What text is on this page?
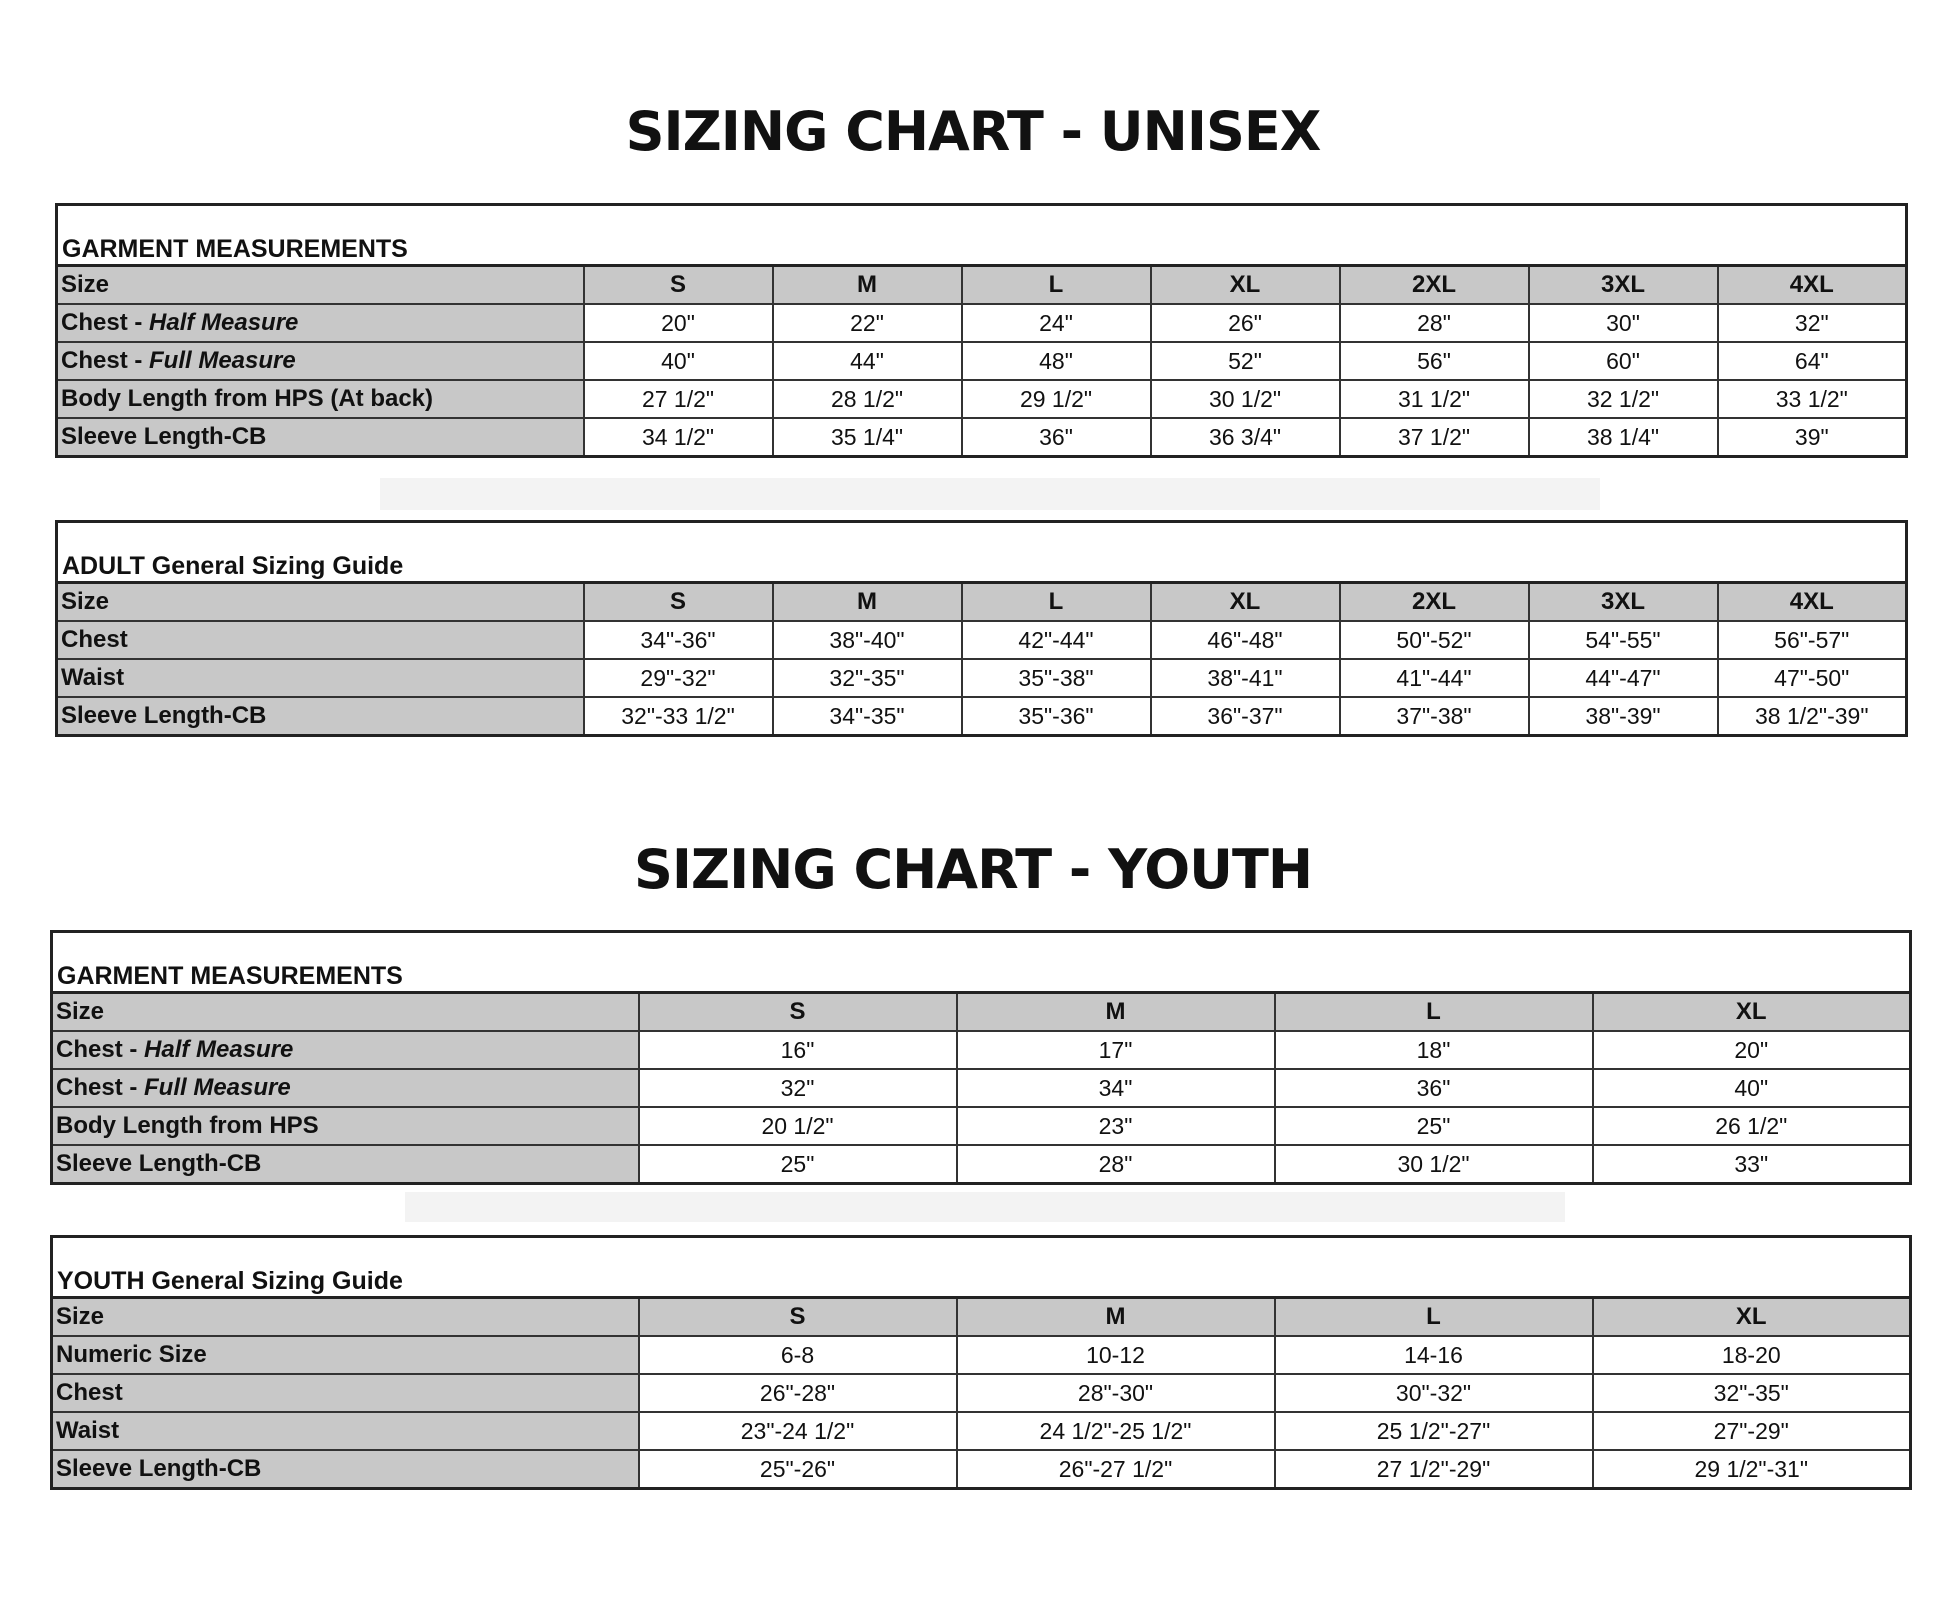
SIZING CHART - UNISEX
GARMENT MEASUREMENTS							
Size	S	M	L	XL	2XL	3XL	4XL
Chest - Half Measure	20"	22"	24"	26"	28"	30"	32"
Chest - Full Measure	40"	44"	48"	52"	56"	60"	64"
Body Length from HPS (At back)	27 1/2"	28 1/2"	29 1/2"	30 1/2"	31 1/2"	32 1/2"	33 1/2"
Sleeve Length-CB	34 1/2"	35 1/4"	36"	36 3/4"	37 1/2"	38 1/4"	39"
ADULT General Sizing Guide							
Size	S	M	L	XL	2XL	3XL	4XL
Chest	34"-36"	38"-40"	42"-44"	46"-48"	50"-52"	54"-55"	56"-57"
Waist	29"-32"	32"-35"	35"-38"	38"-41"	41"-44"	44"-47"	47"-50"
Sleeve Length-CB	32"-33 1/2"	34"-35"	35"-36"	36"-37"	37"-38"	38"-39"	38 1/2"-39"
SIZING CHART - YOUTH
GARMENT MEASUREMENTS				
Size	S	M	L	XL
Chest - Half Measure	16"	17"	18"	20"
Chest - Full Measure	32"	34"	36"	40"
Body Length from HPS	20 1/2"	23"	25"	26 1/2"
Sleeve Length-CB	25"	28"	30 1/2"	33"
YOUTH General Sizing Guide				
Size	S	M	L	XL
Numeric Size	6-8	10-12	14-16	18-20
Chest	26"-28"	28"-30"	30"-32"	32"-35"
Waist	23"-24 1/2"	24 1/2"-25 1/2"	25 1/2"-27"	27"-29"
Sleeve Length-CB	25"-26"	26"-27 1/2"	27 1/2"-29"	29 1/2"-31"
